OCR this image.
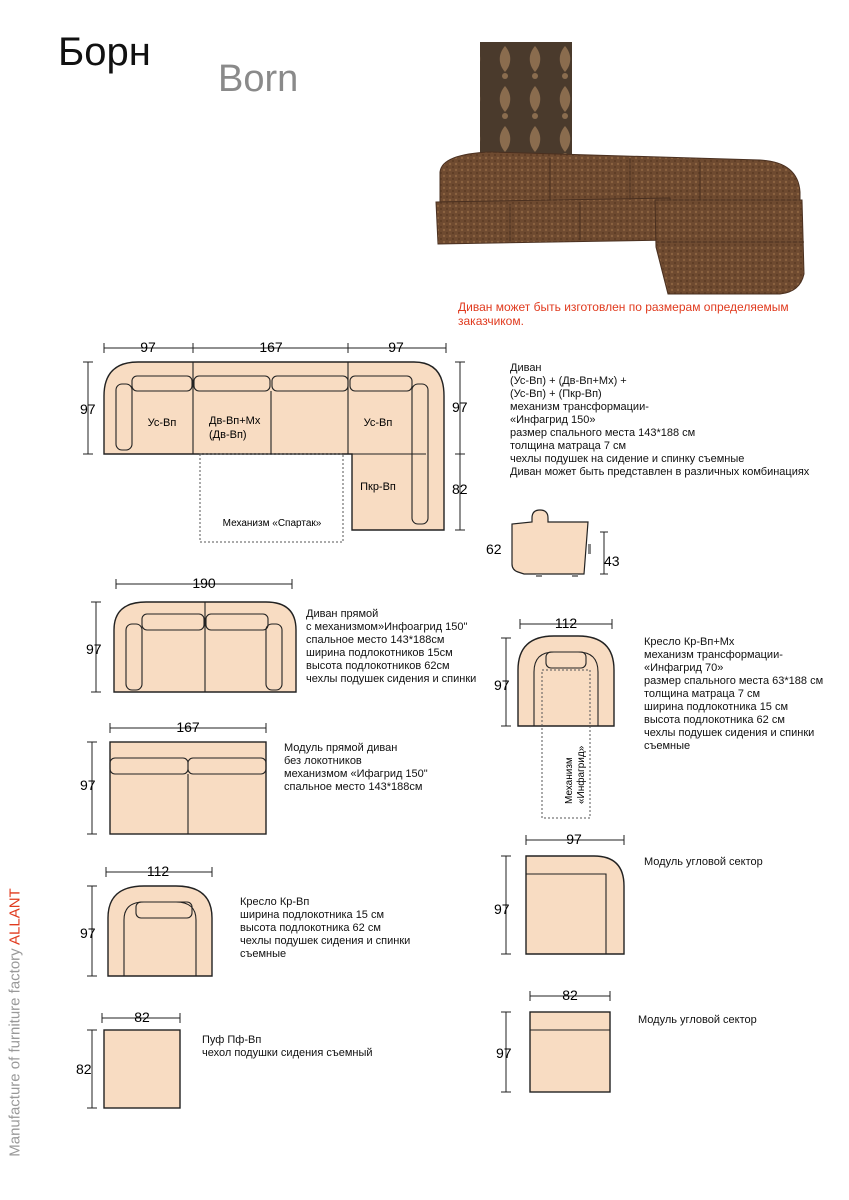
Борн
Born
Диван может быть изготовлен по размерам определяемым заказчиком.
97	167	97
97	97
82
Ус-Вп	Дв-Вп+Мх
(Дв-Вп)
Ус-Вп
Пкр-Вп
Механизм «Спартак»
Диван
(Ус-Вп) + (Дв-Вп+Мх) +
(Ус-Вп) + (Пкр-Вп)
механизм трансформации-
«Инфагрид 150»
размер спального места 143*188 см
толщина матраца 7 см
чехлы подушек на сидение и спинку съемные
Диван может быть представлен в различных комбинациях
62
43
190
97
Диван прямой
с механизмом»Инфоагрид 150"
спальное место 143*188см
ширина подлокотников 15см
высота подлокотников 62см
чехлы подушек сидения и спинки
167
97
Модуль прямой диван
без локотников
механизмом «Ифагрид 150"
спальное место 143*188см
112
97
Механизм «Инфагрид»
Кресло Кр-Вп+Мх
механизм трансформации-
«Инфагрид 70»
размер спального места 63*188 см
толщина матраца 7 см
ширина подлокотника 15 см
высота подлокотника 62 см
чехлы подушек сидения и спинки
съемные
112
97
Кресло Кр-Вп
ширина подлокотника 15 см
высота подлокотника 62 см
чехлы подушек сидения и спинки
съемные
97
97
Модуль угловой сектор
82
97
Модуль угловой сектор
82
82
Пуф Пф-Вп
чехол подушки сидения съемный
Manufacture of furniture factory ALLANT
